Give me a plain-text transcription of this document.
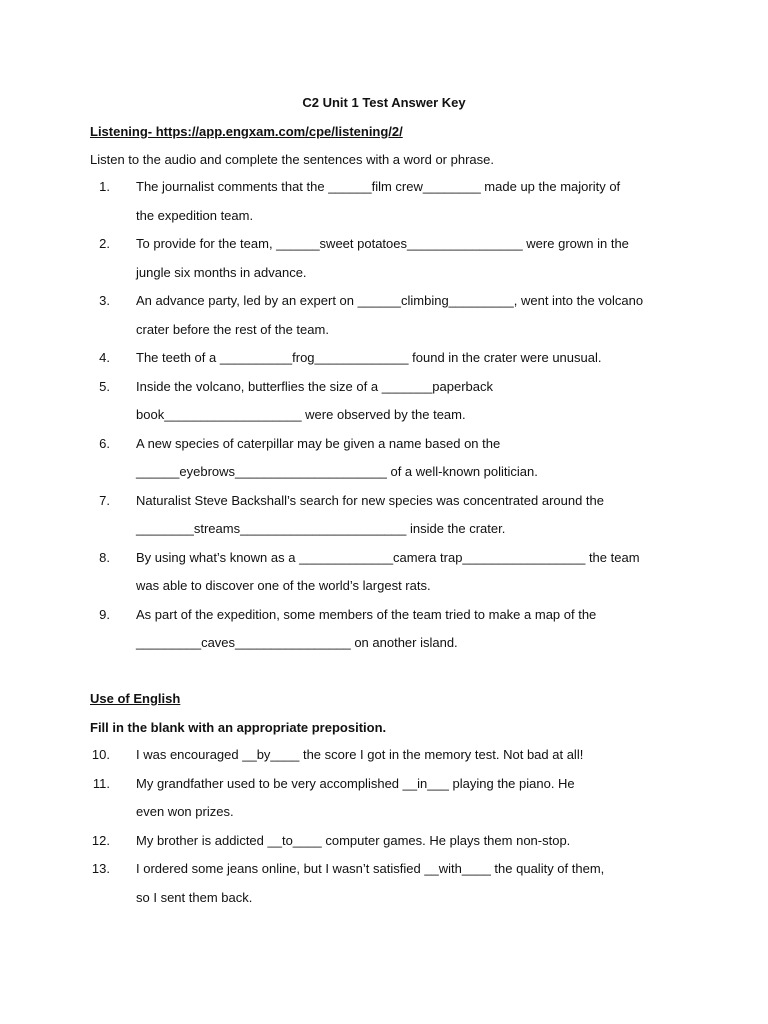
C2 Unit 1 Test Answer Key
Listening- https://app.engxam.com/cpe/listening/2/
Listen to the audio and complete the sentences with a word or phrase.
1. The journalist comments that the ______film crew________ made up the majority of

the expedition team.

2. To provide for the team, ______sweet potatoes________________ were grown in the

jungle six months in advance.

3. An advance party, led by an expert on ______climbing_________, went into the volcano

crater before the rest of the team.

4. The teeth of a __________frog_____________ found in the crater were unusual.

5. Inside the volcano, butterflies the size of a _______paperback

book___________________ were observed by the team.

6. A new species of caterpillar may be given a name based on the

______eyebrows_____________________ of a well-known politician.

7. Naturalist Steve Backshall’s search for new species was concentrated around the

________streams_______________________ inside the crater.

8. By using what’s known as a _____________camera trap_________________ the team

was able to discover one of the world’s largest rats.

9. As part of the expedition, some members of the team tried to make a map of the

_________caves________________ on another island.

Use of English
Fill in the blank with an appropriate preposition.
10. I was encouraged __by____ the score I got in the memory test. Not bad at all!

11. My grandfather used to be very accomplished __in___ playing the piano. He

even won prizes.

12. My brother is addicted __to____ computer games. He plays them non-stop.

13. I ordered some jeans online, but I wasn’t satisfied __with____ the quality of them,

so I sent them back.
